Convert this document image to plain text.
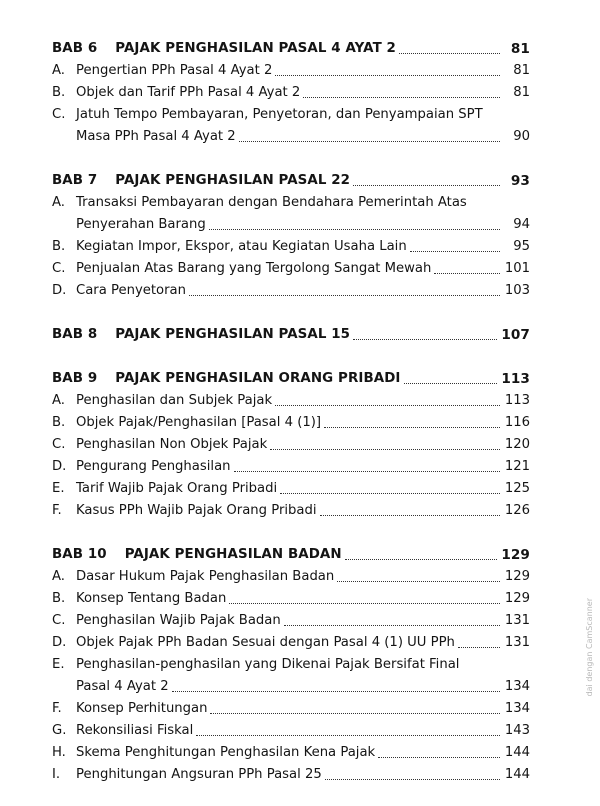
BAB 6	PAJAK PENGHASILAN PASAL 4 AYAT 2	81
A. Pengertian PPh Pasal 4 Ayat 2	81
B. Objek dan Tarif PPh Pasal 4 Ayat 2	81
C. Jatuh Tempo Pembayaran, Penyetoran, dan Penyampaian SPT
Masa PPh Pasal 4 Ayat 2	90
BAB 7	PAJAK PENGHASILAN PASAL 22	93
A. Transaksi Pembayaran dengan Bendahara Pemerintah Atas
Penyerahan Barang	94
B. Kegiatan Impor, Ekspor, atau Kegiatan Usaha Lain	95
C. Penjualan Atas Barang yang Tergolong Sangat Mewah	101
D. Cara Penyetoran	103
BAB 8	PAJAK PENGHASILAN PASAL 15	107
BAB 9	PAJAK PENGHASILAN ORANG PRIBADI	113
A. Penghasilan dan Subjek Pajak	113
B. Objek Pajak/Penghasilan [Pasal 4 (1)]	116
C. Penghasilan Non Objek Pajak	120
D. Pengurang Penghasilan	121
E. Tarif Wajib Pajak Orang Pribadi	125
F.	Kasus PPh Wajib Pajak Orang Pribadi	126
BAB 10	PAJAK PENGHASILAN BADAN	129
A. Dasar Hukum Pajak Penghasilan Badan	129
B. Konsep Tentang Badan	129
C. Penghasilan Wajib Pajak Badan	131
D. Objek Pajak PPh Badan Sesuai dengan Pasal 4 (1) UU PPh	131
E. Penghasilan-penghasilan yang Dikenai Pajak Bersifat Final
Pasal 4 Ayat 2	134
F.	Konsep Perhitungan	134
G. Rekonsiliasi Fiskal	143
H. Skema Penghitungan Penghasilan Kena Pajak	144
I.	Penghitungan Angsuran PPh Pasal 25	144
dai dengan CamScanner
